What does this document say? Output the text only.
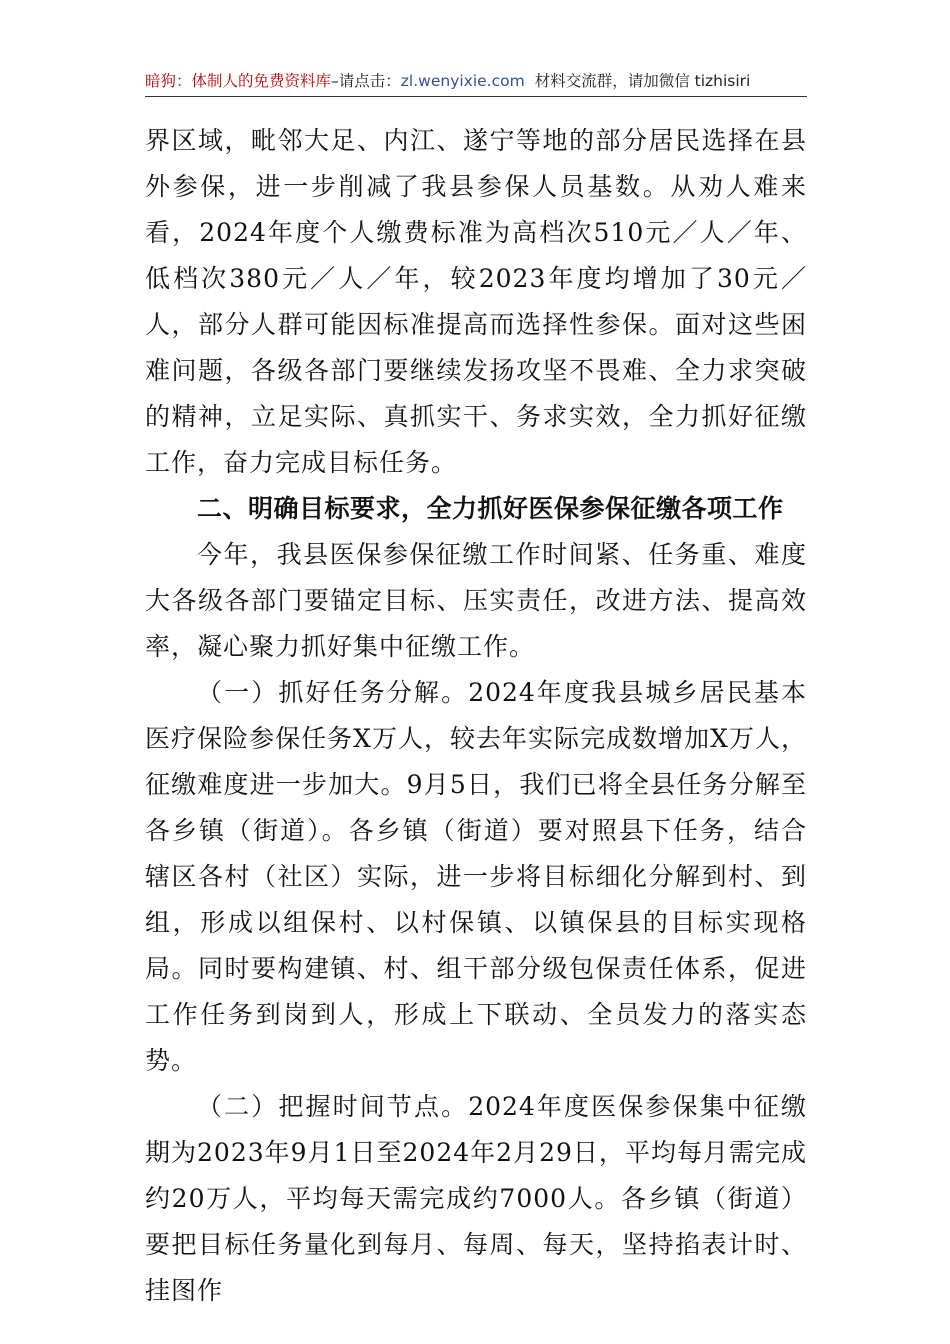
暗狗：体制人的免费资料库–请点击：zl.wenyixie.com 材料交流群，请加微信 tizhisiri

界区域，毗邻大足、内江、遂宁等地的部分居民选择在县外参保，进一步削减了我县参保人员基数。从劝人难来看，2024年度个人缴费标准为高档次510元／人／年、低档次380元／人／年，较2023年度均增加了30元／人，部分人群可能因标准提高而选择性参保。面对这些困难问题，各级各部门要继续发扬攻坚不畏难、全力求突破的精神，立足实际、真抓实干、务求实效，全力抓好征缴工作，奋力完成目标任务。

二、明确目标要求，全力抓好医保参保征缴各项工作

今年，我县医保参保征缴工作时间紧、任务重、难度大各级各部门要锚定目标、压实责任，改进方法、提高效率，凝心聚力抓好集中征缴工作。

（一）抓好任务分解。2024年度我县城乡居民基本医疗保险参保任务X万人，较去年实际完成数增加X万人，征缴难度进一步加大。9月5日，我们已将全县任务分解至各乡镇（街道）。各乡镇（街道）要对照县下任务，结合辖区各村（社区）实际，进一步将目标细化分解到村、到组，形成以组保村、以村保镇、以镇保县的目标实现格局。同时要构建镇、村、组干部分级包保责任体系，促进工作任务到岗到人，形成上下联动、全员发力的落实态势。

（二）把握时间节点。2024年度医保参保集中征缴期为2023年9月1日至2024年2月29日，平均每月需完成约20万人，平均每天需完成约7000人。各乡镇（街道）要把目标任务量化到每月、每周、每天，坚持掐表计时、挂图作
